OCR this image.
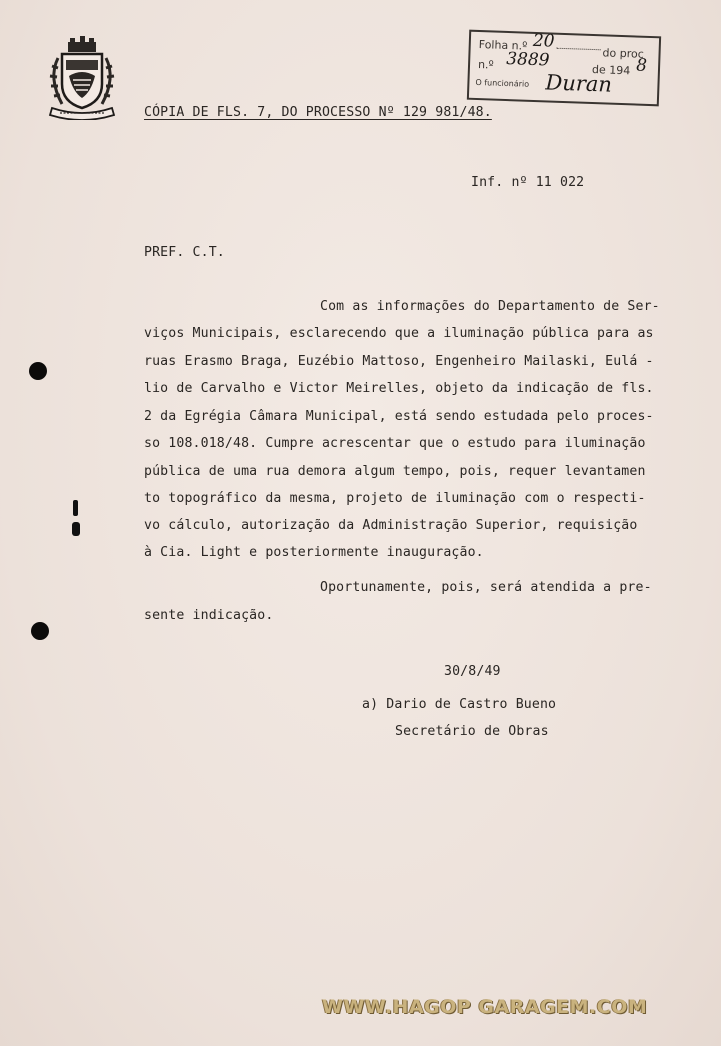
Folha n.º 20
do proc
n.º 3889	de 194 8
O funcionário Duran
CÓPIA DE FLS. 7, DO PROCESSO Nº 129 981/48.
Inf. nº 11 022
PREF. C.T.
Com as informações do Departamento de Ser-
viços Municipais, esclarecendo que a iluminação pública para as
ruas Erasmo Braga, Euzébio Mattoso, Engenheiro Mailaski, Eulá -
lio de Carvalho e Victor Meirelles, objeto da indicação de fls.
2 da Egrégia Câmara Municipal, está sendo estudada pelo proces-
so 108.018/48. Cumpre acrescentar que o estudo para iluminação
pública de uma rua demora algum tempo, pois, requer levantamen
to topográfico da mesma, projeto de iluminação com o respecti-
vo cálculo, autorização da Administração Superior, requisição
à Cia. Light e posteriormente inauguração.
Oportunamente, pois, será atendida a pre-
sente indicação.
30/8/49
a) Dario de Castro Bueno
Secretário de Obras
WWW.HAGOP GARAGEM.COM
